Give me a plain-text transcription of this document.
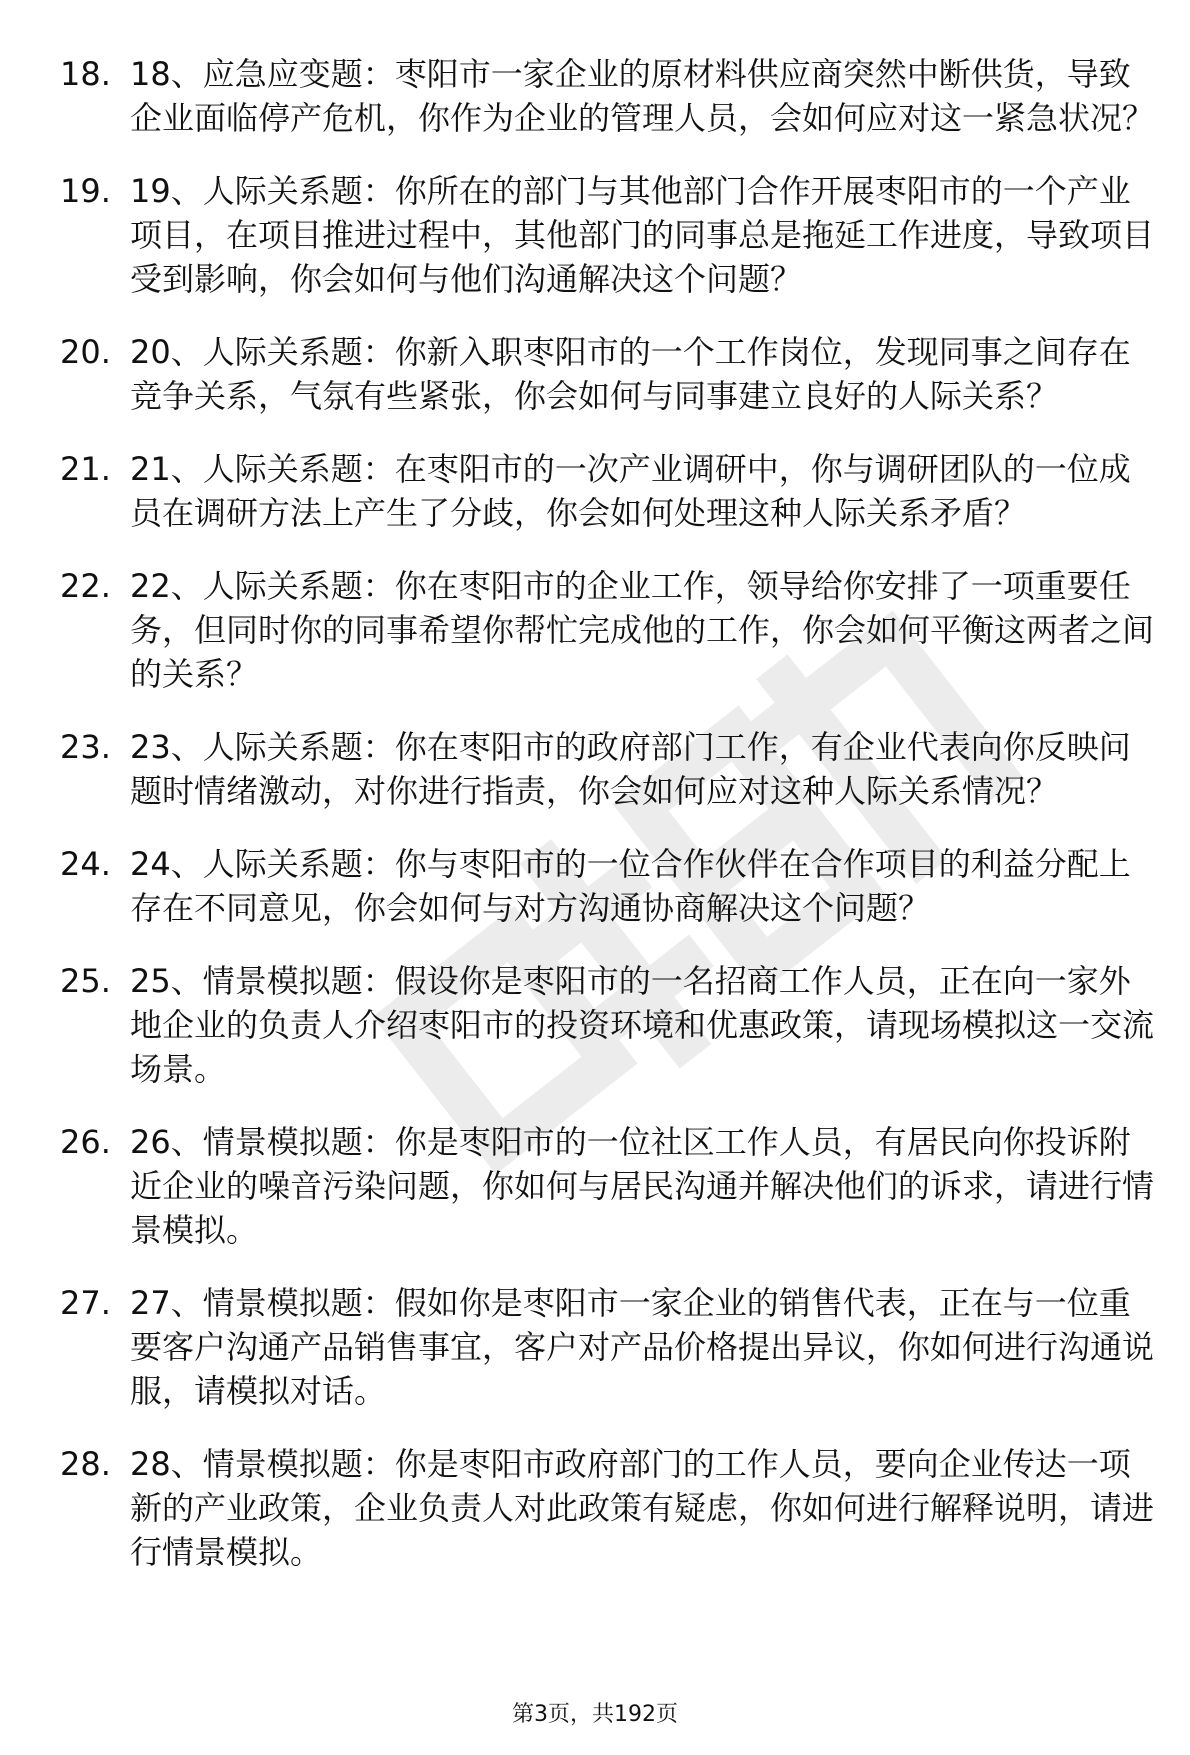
18. 18、应急应变题：枣阳市一家企业的原材料供应商突然中断供货，导致企业面临停产危机，你作为企业的管理人员，会如何应对这一紧急状况？
19. 19、人际关系题：你所在的部门与其他部门合作开展枣阳市的一个产业项目，在项目推进过程中，其他部门的同事总是拖延工作进度，导致项目受到影响，你会如何与他们沟通解决这个问题？
20. 20、人际关系题：你新入职枣阳市的一个工作岗位，发现同事之间存在竞争关系，气氛有些紧张，你会如何与同事建立良好的人际关系？
21. 21、人际关系题：在枣阳市的一次产业调研中，你与调研团队的一位成员在调研方法上产生了分歧，你会如何处理这种人际关系矛盾？
22. 22、人际关系题：你在枣阳市的企业工作，领导给你安排了一项重要任务，但同时你的同事希望你帮忙完成他的工作，你会如何平衡这两者之间的关系？
23. 23、人际关系题：你在枣阳市的政府部门工作，有企业代表向你反映问题时情绪激动，对你进行指责，你会如何应对这种人际关系情况？
24. 24、人际关系题：你与枣阳市的一位合作伙伴在合作项目的利益分配上存在不同意见，你会如何与对方沟通协商解决这个问题？
25. 25、情景模拟题：假设你是枣阳市的一名招商工作人员，正在向一家外地企业的负责人介绍枣阳市的投资环境和优惠政策，请现场模拟这一交流场景。
26. 26、情景模拟题：你是枣阳市的一位社区工作人员，有居民向你投诉附近企业的噪音污染问题，你如何与居民沟通并解决他们的诉求，请进行情景模拟。
27. 27、情景模拟题：假如你是枣阳市一家企业的销售代表，正在与一位重要客户沟通产品销售事宜，客户对产品价格提出异议，你如何进行沟通说服，请模拟对话。
28. 28、情景模拟题：你是枣阳市政府部门的工作人员，要向企业传达一项新的产业政策，企业负责人对此政策有疑虑，你如何进行解释说明，请进行情景模拟。
第3页，共192页
